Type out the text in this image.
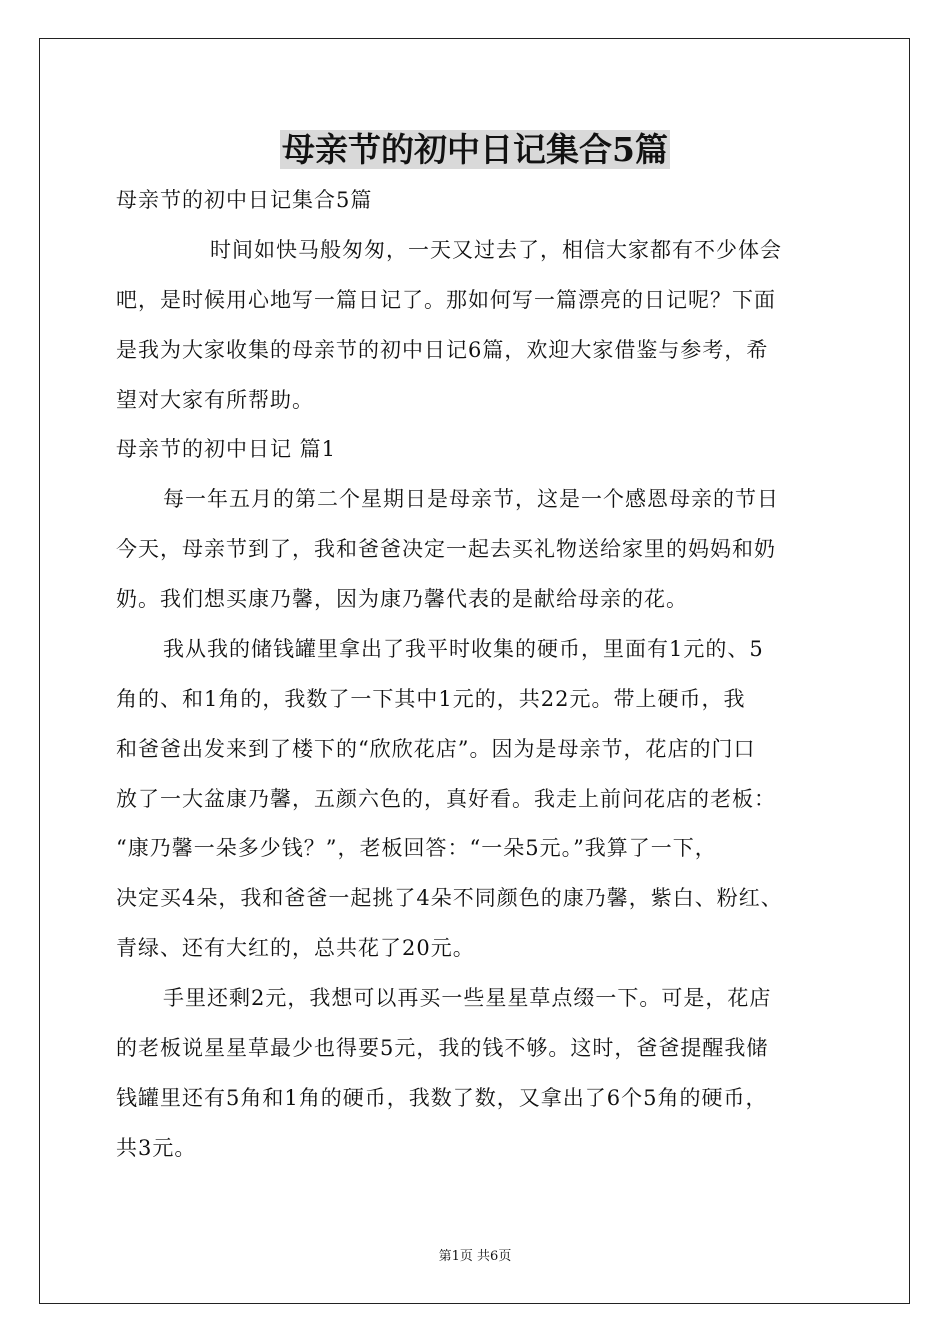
母亲节的初中日记集合5篇

母亲节的初中日记集合5篇

时间如快马般匆匆，一天又过去了，相信大家都有不少体会

吧，是时候用心地写一篇日记了。那如何写一篇漂亮的日记呢？下面

是我为大家收集的母亲节的初中日记6篇，欢迎大家借鉴与参考，希

望对大家有所帮助。

母亲节的初中日记 篇1

每一年五月的第二个星期日是母亲节，这是一个感恩母亲的节日

今天，母亲节到了，我和爸爸决定一起去买礼物送给家里的妈妈和奶

奶。我们想买康乃馨，因为康乃馨代表的是献给母亲的花。

我从我的储钱罐里拿出了我平时收集的硬币，里面有1元的、5

角的、和1角的，我数了一下其中1元的，共22元。带上硬币，我

和爸爸出发来到了楼下的“欣欣花店”。因为是母亲节，花店的门口

放了一大盆康乃馨，五颜六色的，真好看。我走上前问花店的老板：

“康乃馨一朵多少钱？”，老板回答：“一朵5元。”我算了一下，

决定买4朵，我和爸爸一起挑了4朵不同颜色的康乃馨，紫白、粉红、

青绿、还有大红的，总共花了20元。

手里还剩2元，我想可以再买一些星星草点缀一下。可是，花店

的老板说星星草最少也得要5元，我的钱不够。这时，爸爸提醒我储

钱罐里还有5角和1角的硬币，我数了数，又拿出了6个5角的硬币，

共3元。

第1页 共6页
